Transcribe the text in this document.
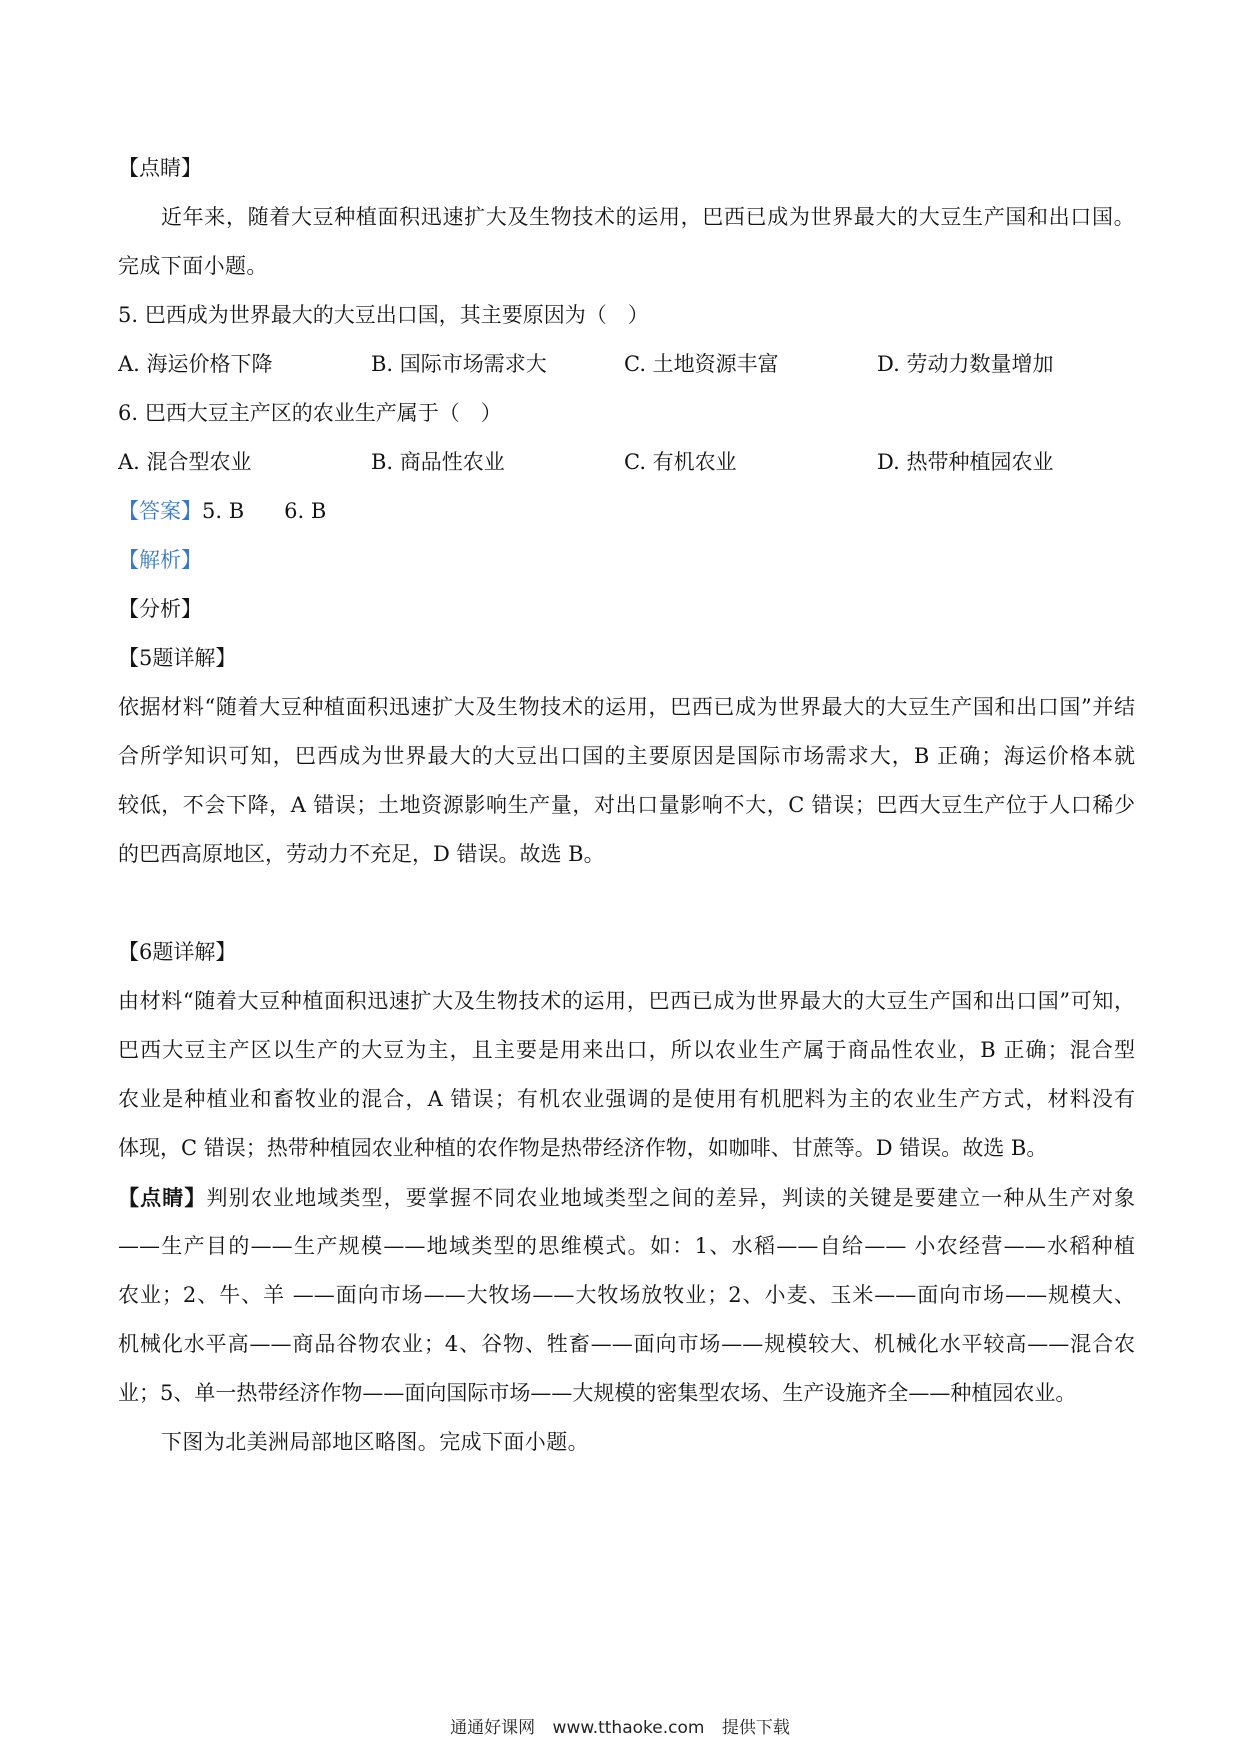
【点睛】
近年来，随着大豆种植面积迅速扩大及生物技术的运用，巴西已成为世界最大的大豆生产国和出口国。
完成下面小题。
5. 巴西成为世界最大的大豆出口国，其主要原因为（　）
A. 海运价格下降	B. 国际市场需求大	C. 土地资源丰富	D. 劳动力数量增加
6. 巴西大豆主产区的农业生产属于（　）
A. 混合型农业	B. 商品性农业	C. 有机农业	D. 热带种植园农业
【答案】5. B 6. B
【解析】
【分析】
【5题详解】
依据材料“随着大豆种植面积迅速扩大及生物技术的运用，巴西已成为世界最大的大豆生产国和出口国”并结
合所学知识可知，巴西成为世界最大的大豆出口国的主要原因是国际市场需求大，B 正确；海运价格本就
较低，不会下降，A 错误；土地资源影响生产量，对出口量影响不大，C 错误；巴西大豆生产位于人口稀少
的巴西高原地区，劳动力不充足，D 错误。故选 B。
【6题详解】
由材料“随着大豆种植面积迅速扩大及生物技术的运用，巴西已成为世界最大的大豆生产国和出口国”可知，
巴西大豆主产区以生产的大豆为主，且主要是用来出口，所以农业生产属于商品性农业，B 正确；混合型
农业是种植业和畜牧业的混合，A 错误；有机农业强调的是使用有机肥料为主的农业生产方式，材料没有
体现，C 错误；热带种植园农业种植的农作物是热带经济作物，如咖啡、甘蔗等。D 错误。故选 B。
【点睛】判别农业地域类型，要掌握不同农业地域类型之间的差异，判读的关键是要建立一种从生产对象
——生产目的——生产规模——地域类型的思维模式。如：1、水稻——自给—— 小农经营——水稻种植
农业；2、牛、羊 ——面向市场——大牧场——大牧场放牧业；2、小麦、玉米——面向市场——规模大、
机械化水平高——商品谷物农业；4、谷物、牲畜——面向市场——规模较大、机械化水平较高——混合农
业；5、单一热带经济作物——面向国际市场——大规模的密集型农场、生产设施齐全——种植园农业。
下图为北美洲局部地区略图。完成下面小题。
通通好课网 www.tthaoke.com 提供下载
